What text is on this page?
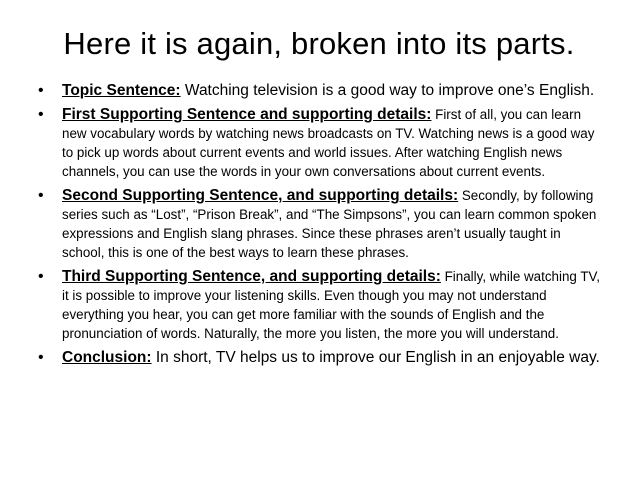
Here it is again, broken into its parts.
• Topic Sentence: Watching television is a good way to improve one’s English.

• First Supporting Sentence and supporting details: First of all, you can learn new vocabulary words by watching news broadcasts on TV. Watching news is a good way to pick up words about current events and world issues. After watching English news channels, you can use the words in your own conversations about current events.

• Second Supporting Sentence, and supporting details: Secondly, by following series such as “Lost”, “Prison Break”, and “The Simpsons”, you can learn common spoken expressions and English slang phrases. Since these phrases aren’t usually taught in school, this is one of the best ways to learn these phrases.

• Third Supporting Sentence, and supporting details: Finally, while watching TV, it is possible to improve your listening skills. Even though you may not understand everything you hear, you can get more familiar with the sounds of English and the pronunciation of words. Naturally, the more you listen, the more you will understand.

• Conclusion: In short, TV helps us to improve our English in an enjoyable way.
